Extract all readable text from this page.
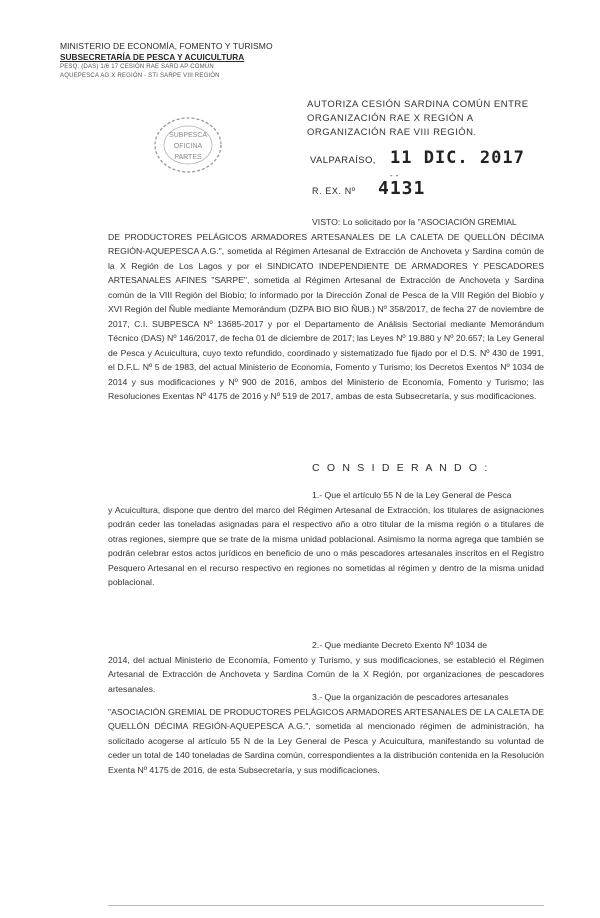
MINISTERIO DE ECONOMÍA, FOMENTO Y TURISMO
SUBSECRETARÍA DE PESCA Y ACUICULTURA
PESQ. (DAS) 1/6 17 CESIÓN RAE SARD AP COMÚN
AQUEPESCA AG X REGIÓN - STI SARPE VIII REGIÓN
SUBPESCA
OFICINA
PARTES
AUTORIZA CESIÓN SARDINA COMÚN ENTRE ORGANIZACIÓN RAE X REGIÓN A ORGANIZACIÓN RAE VIII REGIÓN.
VALPARAÍSO, 11 DIC. 2017
- -
R. EX. Nº 4131
VISTO: Lo solicitado por la "ASOCIACIÓN GREMIAL
DE PRODUCTORES PELÁGICOS ARMADORES ARTESANALES DE LA CALETA DE QUELLÓN DÉCIMA REGIÓN-AQUEPESCA A.G.", sometida al Régimen Artesanal de Extracción de Anchoveta y Sardina común de la X Región de Los Lagos y por el SINDICATO INDEPENDIENTE DE ARMADORES Y PESCADORES ARTESANALES AFINES "SARPE", sometida al Régimen Artesanal de Extracción de Anchoveta y Sardina común de la VIII Región del Biobío; lo informado por la Dirección Zonal de Pesca de la VIII Región del Biobío y XVI Región del Ñuble mediante Memorándum (DZPA BIO BIO ÑUB.) Nº 358/2017, de fecha 27 de noviembre de 2017, C.I. SUBPESCA Nº 13685-2017 y por el Departamento de Análisis Sectorial mediante Memorándum Técnico (DAS) Nº 146/2017, de fecha 01 de diciembre de 2017; las Leyes Nº 19.880 y Nº 20.657; la Ley General de Pesca y Acuicultura, cuyo texto refundido, coordinado y sistematizado fue fijado por el D.S. Nº 430 de 1991, el D.F.L. Nº 5 de 1983, del actual Ministerio de Economía, Fomento y Turismo; los Decretos Exentos Nº 1034 de 2014 y sus modificaciones y Nº 900 de 2016, ambos del Ministerio de Economía, Fomento y Turismo; las Resoluciones Exentas Nº 4175 de 2016 y Nº 519 de 2017, ambas de esta Subsecretaría, y sus modificaciones.
C O N S I D E R A N D O :
1.- Que el artículo 55 N de la Ley General de Pesca
y Acuicultura, dispone que dentro del marco del Régimen Artesanal de Extracción, los titulares de asignaciones podrán ceder las toneladas asignadas para el respectivo año a otro titular de la misma región o a titulares de otras regiones, siempre que se trate de la misma unidad poblacional. Asimismo la norma agrega que también se podrán celebrar estos actos jurídicos en beneficio de uno o más pescadores artesanales inscritos en el Registro Pesquero Artesanal en el recurso respectivo en regiones no sometidas al régimen y dentro de la misma unidad poblacional.
2.- Que mediante Decreto Exento Nº 1034 de
2014, del actual Ministerio de Economía, Fomento y Turismo, y sus modificaciones, se estableció el Régimen Artesanal de Extracción de Anchoveta y Sardina Común de la X Región, por organizaciones de pescadores artesanales.
3.- Que la organización de pescadores artesanales
"ASOCIACIÓN GREMIAL DE PRODUCTORES PELÁGICOS ARMADORES ARTESANALES DE LA CALETA DE QUELLÓN DÉCIMA REGIÓN-AQUEPESCA A.G.", sometida al mencionado régimen de administración, ha solicitado acogerse al artículo 55 N de la Ley General de Pesca y Acuicultura, manifestando su voluntad de ceder un total de 140 toneladas de Sardina común, correspondientes a la distribución contenida en la Resolución Exenta Nº 4175 de 2016, de esta Subsecretaría, y sus modificaciones.
